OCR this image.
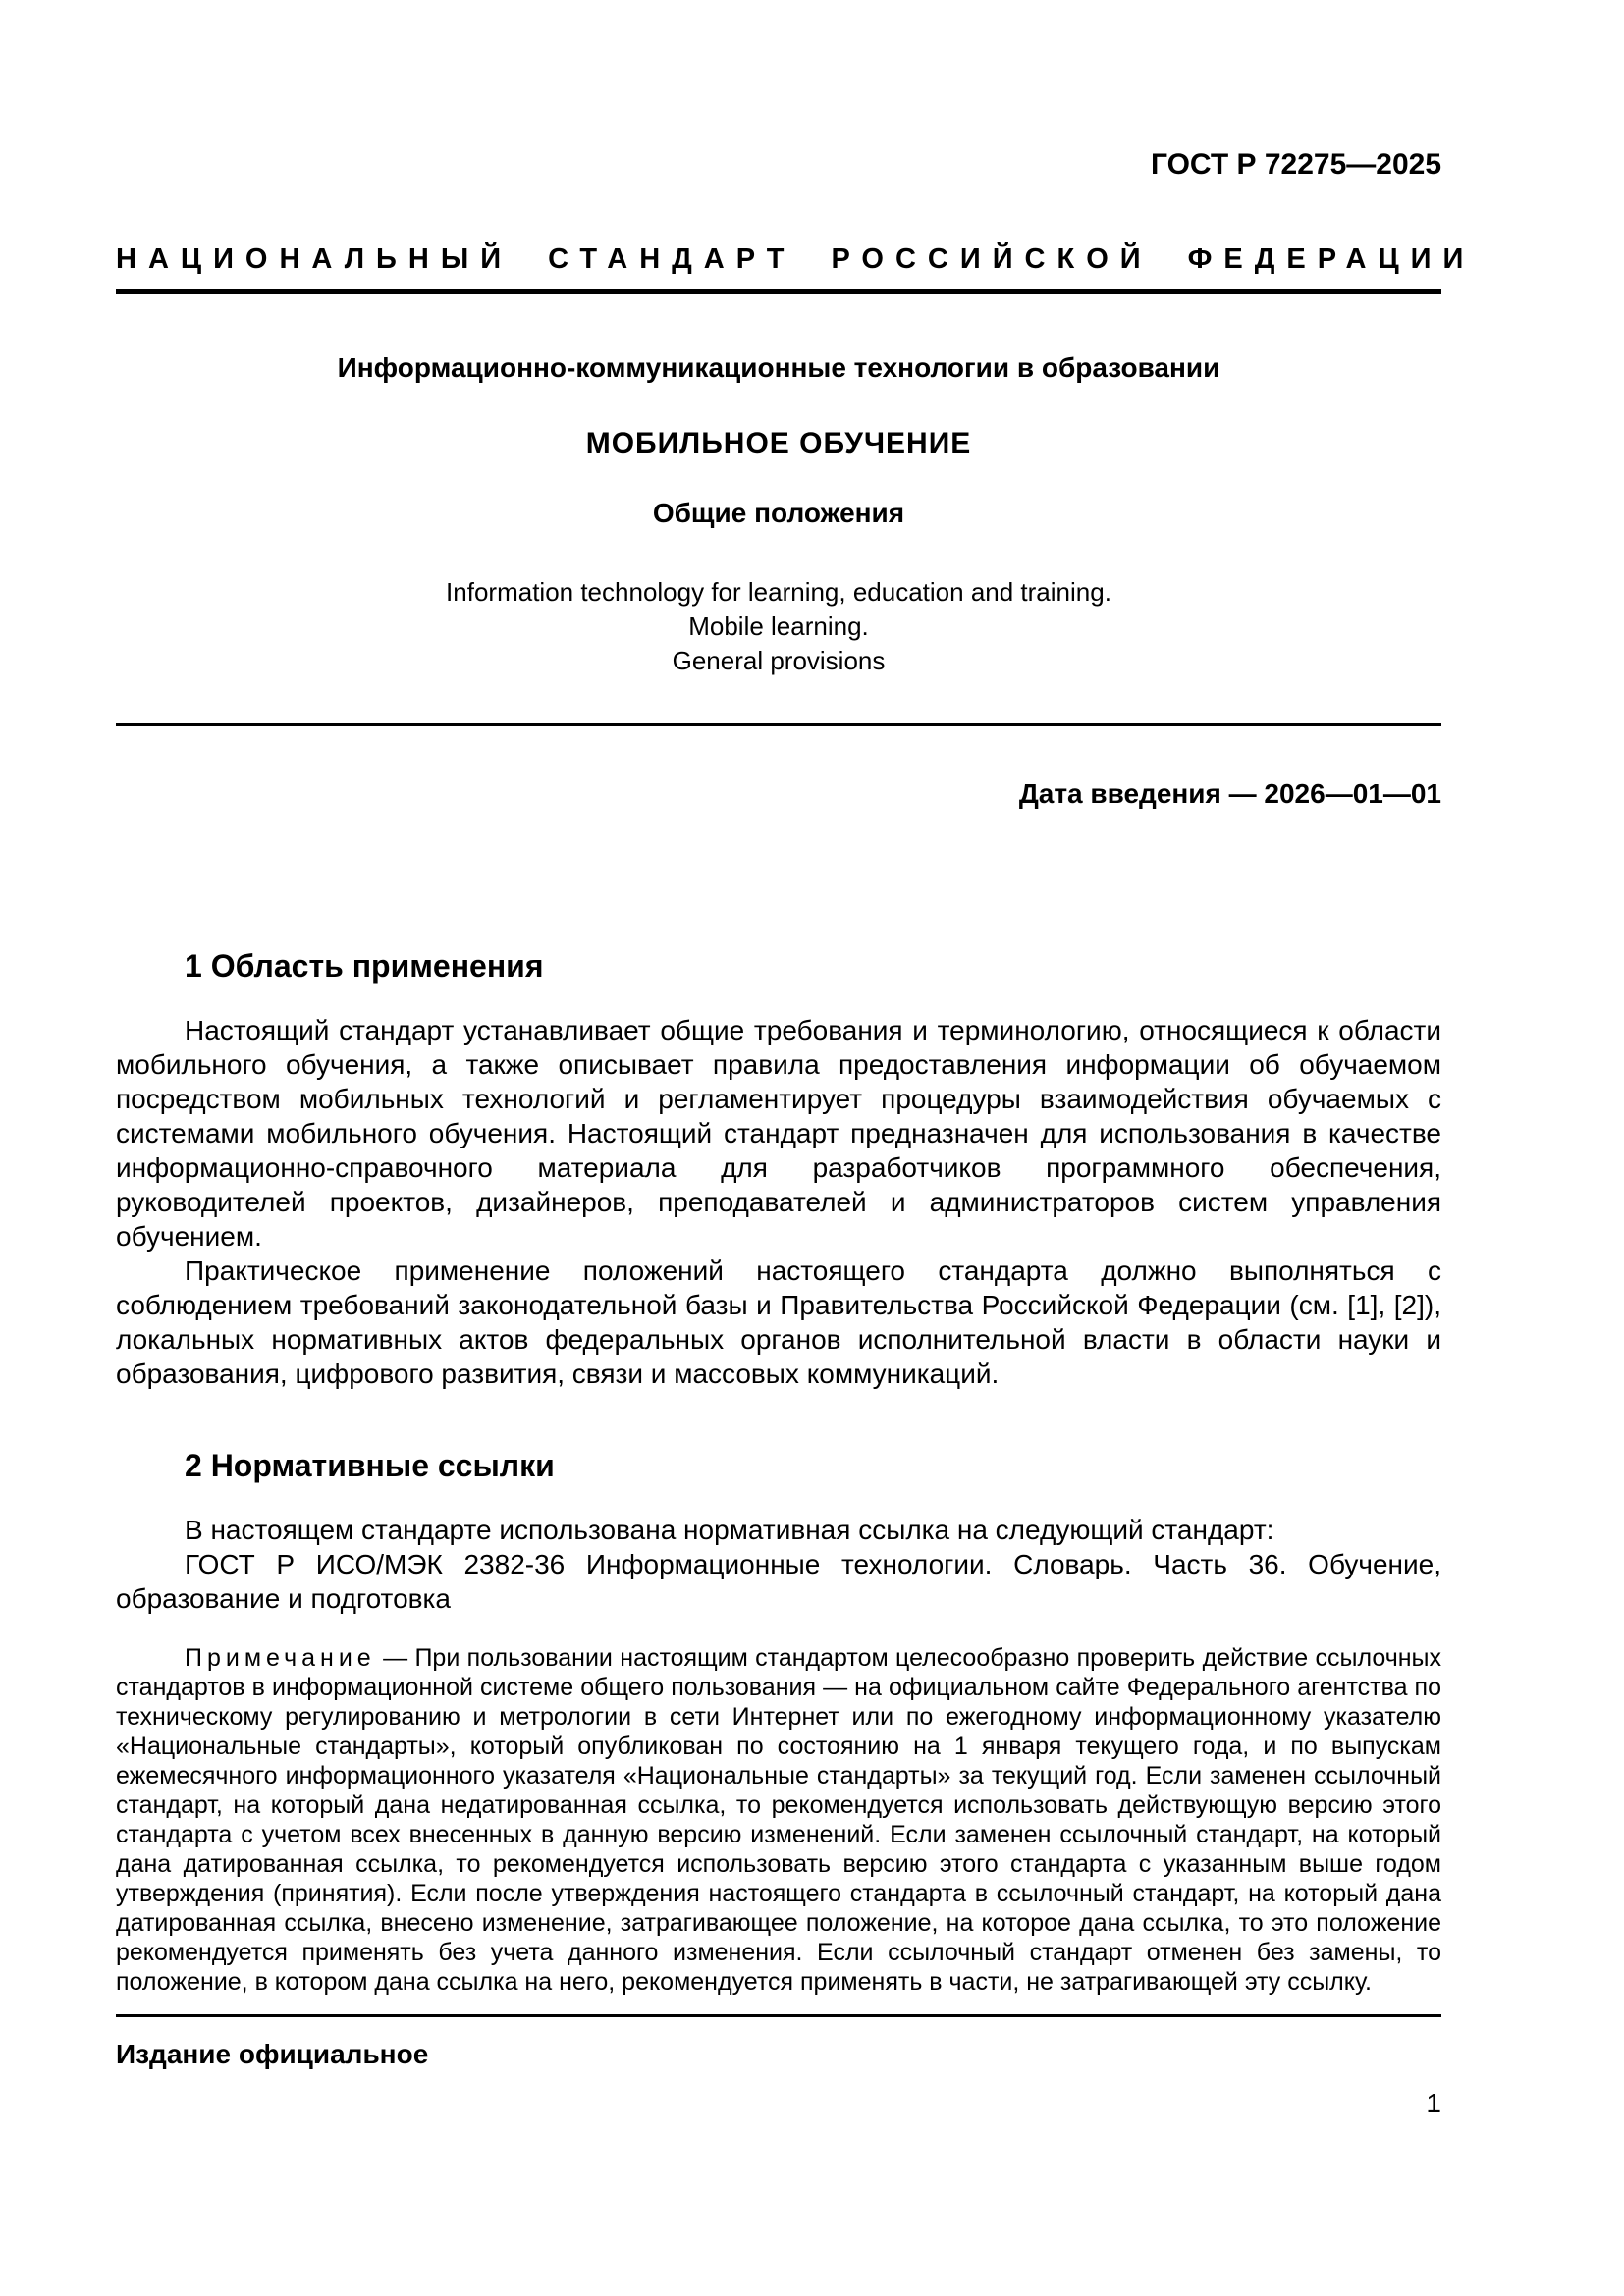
ГОСТ Р 72275—2025
НАЦИОНАЛЬНЫЙ СТАНДАРТ РОССИЙСКОЙ ФЕДЕРАЦИИ
Информационно-коммуникационные технологии в образовании
МОБИЛЬНОЕ ОБУЧЕНИЕ
Общие положения
Information technology for learning, education and training.
Mobile learning.
General provisions
Дата введения — 2026—01—01
1 Область применения

Настоящий стандарт устанавливает общие требования и терминологию, относящиеся к области мобильного обучения, а также описывает правила предоставления информации об обучаемом посредством мобильных технологий и регламентирует процедуры взаимодействия обучаемых с системами мобильного обучения. Настоящий стандарт предназначен для использования в качестве информационно-справочного материала для разработчиков программного обеспечения, руководителей проектов, дизайнеров, преподавателей и администраторов систем управления обучением.

Практическое применение положений настоящего стандарта должно выполняться с соблюдением требований законодательной базы и Правительства Российской Федерации (см. [1], [2]), локальных нормативных актов федеральных органов исполнительной власти в области науки и образования, цифрового развития, связи и массовых коммуникаций.

2 Нормативные ссылки

В настоящем стандарте использована нормативная ссылка на следующий стандарт:

ГОСТ Р ИСО/МЭК 2382-36 Информационные технологии. Словарь. Часть 36. Обучение, образование и подготовка

Примечание — При пользовании настоящим стандартом целесообразно проверить действие ссылочных стандартов в информационной системе общего пользования — на официальном сайте Федерального агентства по техническому регулированию и метрологии в сети Интернет или по ежегодному информационному указателю «Национальные стандарты», который опубликован по состоянию на 1 января текущего года, и по выпускам ежемесячного информационного указателя «Национальные стандарты» за текущий год. Если заменен ссылочный стандарт, на который дана недатированная ссылка, то рекомендуется использовать действующую версию этого стандарта с учетом всех внесенных в данную версию изменений. Если заменен ссылочный стандарт, на который дана датированная ссылка, то рекомендуется использовать версию этого стандарта с указанным выше годом утверждения (принятия). Если после утверждения настоящего стандарта в ссылочный стандарт, на который дана датированная ссылка, внесено изменение, затрагивающее положение, на которое дана ссылка, то это положение рекомендуется применять без учета данного изменения. Если ссылочный стандарт отменен без замены, то положение, в котором дана ссылка на него, рекомендуется применять в части, не затрагивающей эту ссылку.

Издание официальное
1
